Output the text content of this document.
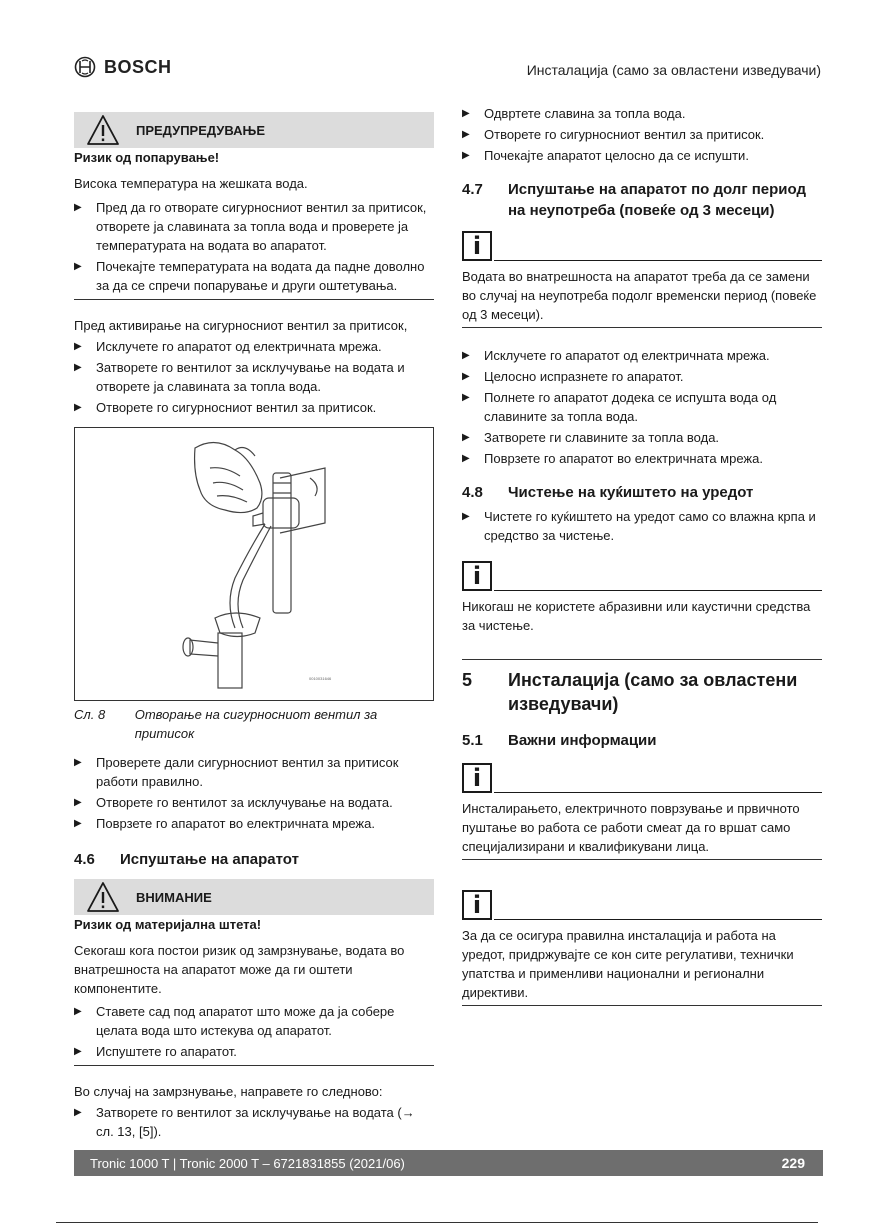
BOSCH	Инсталација (само за овластени изведувачи)
ПРЕДУПРЕДУВАЊЕ
Ризик од попарување!
Висока температура на жешката вода.
▶ Пред да го отворате сигурносниот вентил за притисок, отворете ја славината за топла вода и проверете ја температурата на водата во апаратот.
▶ Почекајте температурата на водата да падне доволно за да се спречи попарување и други оштетувања.
Пред активирање на сигурносниот вентил за притисок,
▶ Исклучете го апаратот од електричната мрежа.
▶ Затворете го вентилот за исклучување на водата и отворете ја славината за топла вода.
▶ Отворете го сигурносниот вентил за притисок.
0010031646
Сл. 8	Отворање на сигурносниот вентил за притисок
▶ Проверете дали сигурносниот вентил за притисок работи правилно.
▶ Отворете го вентилот за исклучување на водата.
▶ Поврзете го апаратот во електричната мрежа.
4.6	Испуштање на апаратот
ВНИМАНИЕ
Ризик од материјална штета!
Секогаш кога постои ризик од замрзнување, водата во внатрешноста на апаратот може да ги оштети компонентите.
▶ Ставете сад под апаратот што може да ја собере целата вода што истекува од апаратот.
▶ Испуштете го апаратот.
Во случај на замрзнување, направете го следново:
▶ Затворете го вентилот за исклучување на водата (→ сл. 13, [5]).
▶ Одвртете славина за топла вода.
▶ Отворете го сигурносниот вентил за притисок.
▶ Почекајте апаратот целосно да се испушти.
4.7	Испуштање на апаратот по долг период на неупотреба (повеќе од 3 месеци)
i
Водата во внатрешноста на апаратот треба да се замени во случај на неупотреба подолг временски период (повеќе од 3 месеци).
▶ Исклучете го апаратот од електричната мрежа.
▶ Целосно испразнете го апаратот.
▶ Полнете го апаратот додека се испушта вода од славините за топла вода.
▶ Затворете ги славините за топла вода.
▶ Поврзете го апаратот во електричната мрежа.
4.8	Чистење на куќиштето на уредот
▶ Чистете го куќиштето на уредот само со влажна крпа и средство за чистење.
i
Никогаш не користете абразивни или каустични средства за чистење.
5	Инсталација (само за овластени изведувачи)
5.1	Важни информации
i
Инсталирањето, електричното поврзување и првичното пуштање во работа се работи смеат да го вршат само специјализирани и квалификувани лица.
i
За да се осигура правилна инсталација и работа на уредот, придржувајте се кон сите регулативи, технички упатства и применливи национални и регионални директиви.
Tronic 1000 T | Tronic 2000 T – 6721831855 (2021/06)	229
